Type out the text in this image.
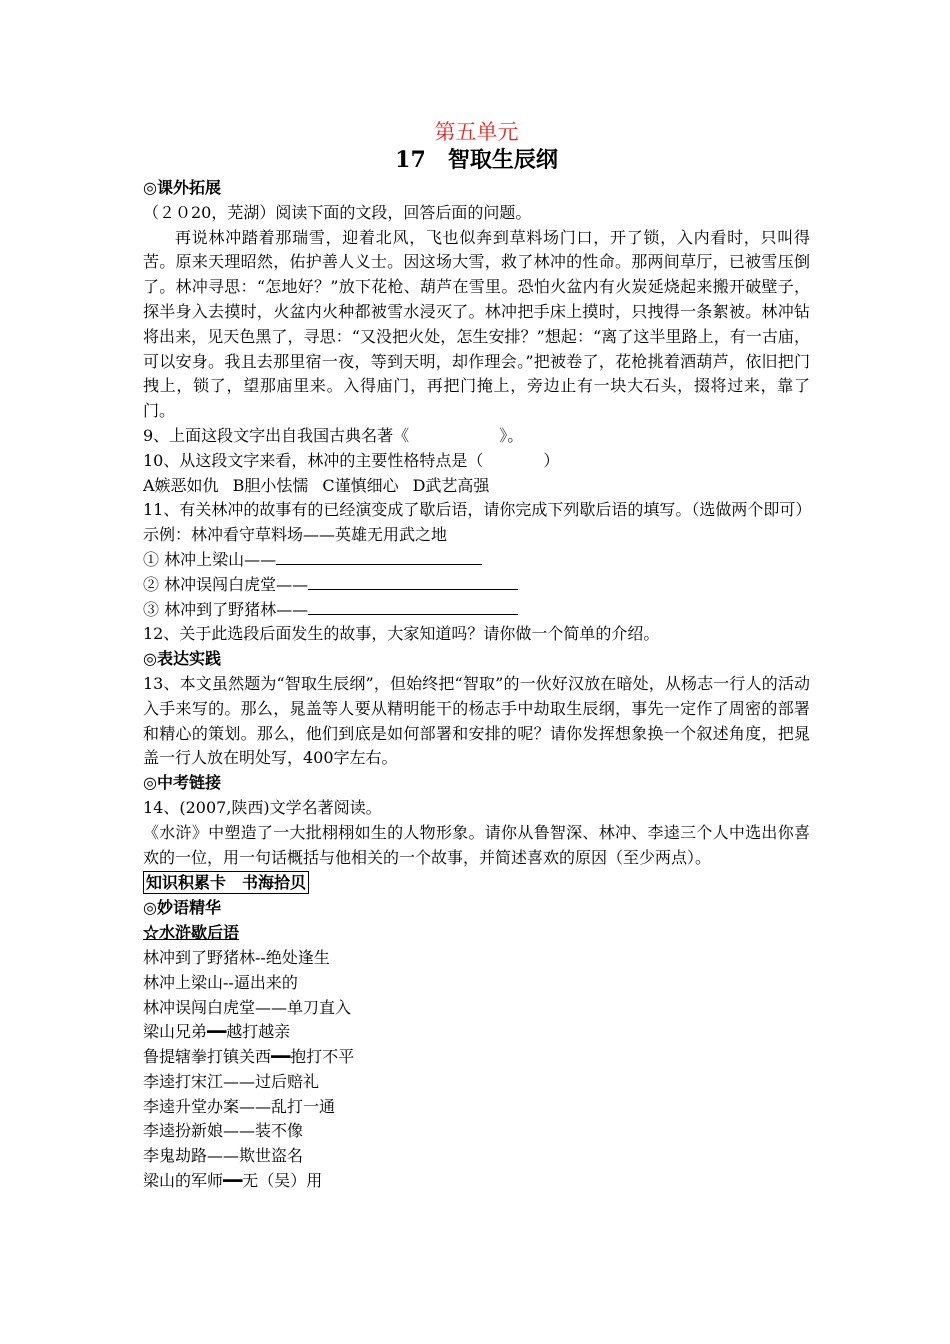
第五单元
17　 智取生辰纲
◎课外拓展
（２０20，芜湖）阅读下面的文段，回答后面的问题。
再说林冲踏着那瑞雪，迎着北风，飞也似奔到草料场门口，开了锁，入内看时，只叫得苦。原来天理昭然，佑护善人义士。因这场大雪，救了林冲的性命。那两间草厅，已被雪压倒了。林冲寻思：“怎地好？”放下花枪、葫芦在雪里。恐怕火盆内有火炭延烧起来搬开破壁子，探半身入去摸时，火盆内火种都被雪水浸灭了。林冲把手床上摸时，只拽得一条絮被。林冲钻将出来，见天色黑了，寻思：“又没把火处，怎生安排？”想起：“离了这半里路上，有一古庙，可以安身。我且去那里宿一夜，等到天明，却作理会。”把被卷了，花枪挑着酒葫芦，依旧把门拽上，锁了，望那庙里来。入得庙门，再把门掩上，旁边止有一块大石头，掇将过来，靠了门。
9、上面这段文字出自我国古典名著《	》。
10、从这段文字来看，林冲的主要性格特点是（	）
A嫉恶如仇 B胆小怯懦 C谨慎细心 D武艺高强
11、有关林冲的故事有的已经演变成了歇后语，请你完成下列歇后语的填写。（选做两个即可）
示例：林冲看守草料场——英雄无用武之地
① 林冲上梁山——
② 林冲误闯白虎堂——
③ 林冲到了野猪林——
12、关于此选段后面发生的故事，大家知道吗？请你做一个简单的介绍。
◎表达实践
13、本文虽然题为“智取生辰纲”，但始终把“智取”的一伙好汉放在暗处，从杨志一行人的活动入手来写的。那么，晁盖等人要从精明能干的杨志手中劫取生辰纲，事先一定作了周密的部署和精心的策划。那么，他们到底是如何部署和安排的呢？请你发挥想象换一个叙述角度，把晁盖一行人放在明处写，400字左右。
◎中考链接
14、(2007,陕西)文学名著阅读。
《水浒》中塑造了一大批栩栩如生的人物形象。请你从鲁智深、林冲、李逵三个人中选出你喜欢的一位，用一句话概括与他相关的一个故事，并简述喜欢的原因（至少两点）。
知识积累卡　书海拾贝
◎妙语精华
☆水浒歇后语
林冲到了野猪林--绝处逢生
林冲上梁山--逼出来的
林冲误闯白虎堂——单刀直入
梁山兄弟━━越打越亲
鲁提辖拳打镇关西━━抱打不平
李逵打宋江——过后赔礼
李逵升堂办案——乱打一通
李逵扮新娘——装不像
李鬼劫路——欺世盗名
梁山的军师━━无（吴）用
